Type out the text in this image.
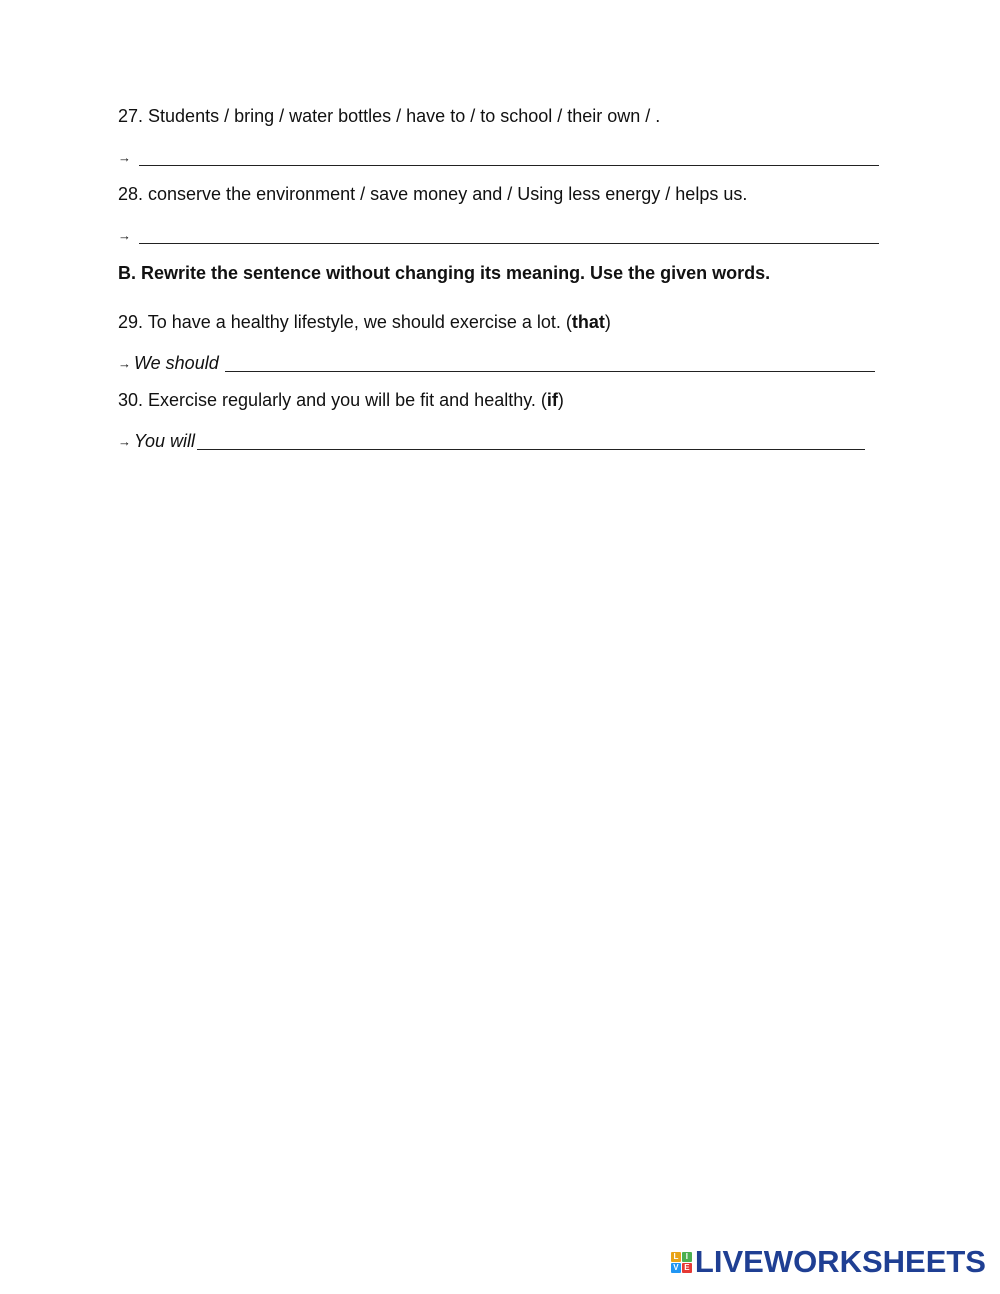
27. Students / bring / water bottles / have to / to school / their own / .
→
28. conserve the environment / save money and / Using less energy / helps us.
→
B. Rewrite the sentence without changing its meaning. Use the given words.
29. To have a healthy lifestyle, we should exercise a lot. (that)
→ We should
30. Exercise regularly and you will be fit and healthy. (if)
→ You will
L I
V E LIVEWORKSHEETS
